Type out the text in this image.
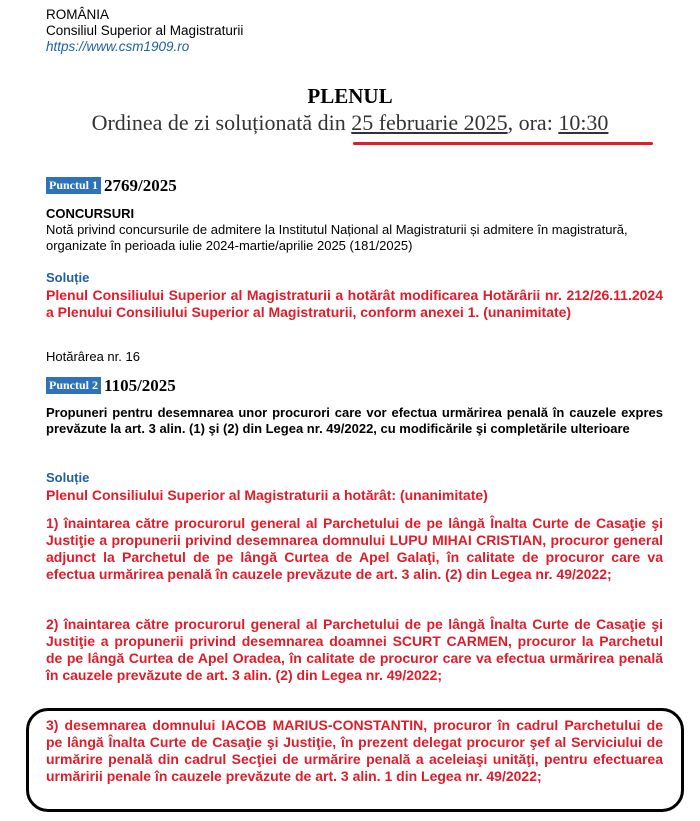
ROMÂNIA
Consiliul Superior al Magistraturii
https://www.csm1909.ro
PLENUL
Ordinea de zi soluționată din 25 februarie 2025, ora: 10:30
Punctul 1 2769/2025
CONCURSURI
Notă privind concursurile de admitere la Institutul Național al Magistraturii și admitere în magistratură, organizate în perioada iulie 2024-martie/aprilie 2025 (181/2025)
Soluție
Plenul Consiliului Superior al Magistraturii a hotărât modificarea Hotărârii nr. 212/26.11.2024 a Plenului Consiliului Superior al Magistraturii, conform anexei 1. (unanimitate)
Hotărârea nr. 16
Punctul 2 1105/2025
Propuneri pentru desemnarea unor procurori care vor efectua urmărirea penală în cauzele expres prevăzute la art. 3 alin. (1) şi (2) din Legea nr. 49/2022, cu modificările şi completările ulterioare
Soluție
Plenul Consiliului Superior al Magistraturii a hotărât: (unanimitate)
1) înaintarea către procurorul general al Parchetului de pe lângă Înalta Curte de Casaţie şi Justiţie a propunerii privind desemnarea domnului LUPU MIHAI CRISTIAN, procuror general adjunct la Parchetul de pe lângă Curtea de Apel Galaţi, în calitate de procuror care va efectua urmărirea penală în cauzele prevăzute de art. 3 alin. (2) din Legea nr. 49/2022;
2) înaintarea către procurorul general al Parchetului de pe lângă Înalta Curte de Casaţie şi Justiţie a propunerii privind desemnarea doamnei SCURT CARMEN, procuror la Parchetul de pe lângă Curtea de Apel Oradea, în calitate de procuror care va efectua urmărirea penală în cauzele prevăzute de art. 3 alin. (2) din Legea nr. 49/2022;
3) desemnarea domnului IACOB MARIUS-CONSTANTIN, procuror în cadrul Parchetului de pe lângă Înalta Curte de Casaţie şi Justiţie, în prezent delegat procuror şef al Serviciului de urmărire penală din cadrul Secţiei de urmărire penală a aceleiaşi unităţi, pentru efectuarea urmăririi penale în cauzele prevăzute de art. 3 alin. 1 din Legea nr. 49/2022;
